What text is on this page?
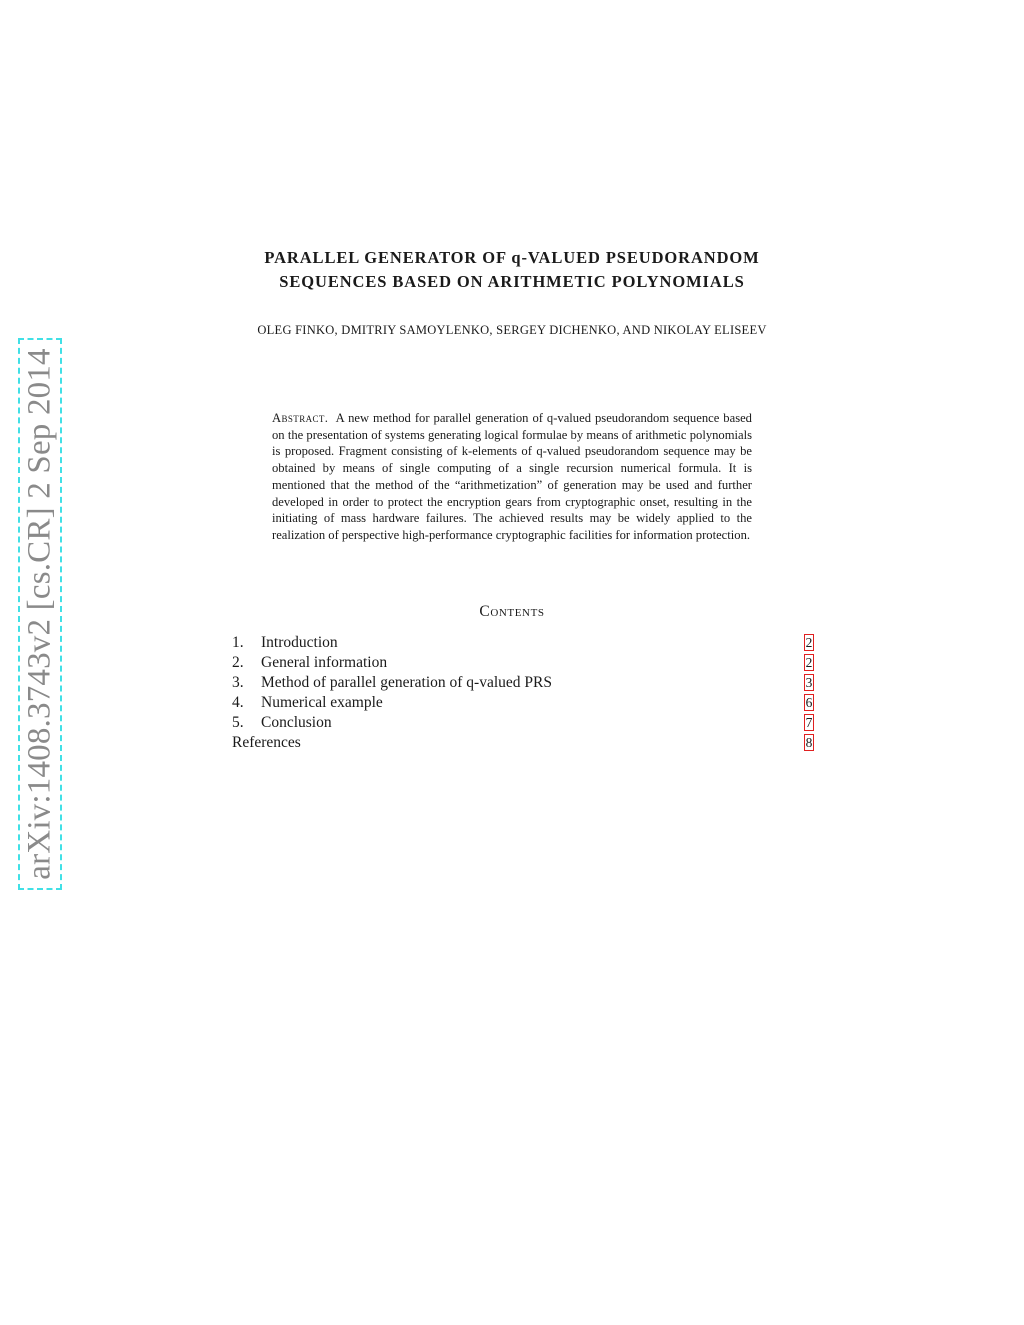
arXiv:1408.3743v2 [cs.CR] 2 Sep 2014
PARALLEL GENERATOR OF q-VALUED PSEUDORANDOM
SEQUENCES BASED ON ARITHMETIC POLYNOMIALS
OLEG FINKO, DMITRIY SAMOYLENKO, SERGEY DICHENKO, AND NIKOLAY ELISEEV
Abstract. A new method for parallel generation of q-valued pseudorandom sequence based on the presentation of systems generating logical formulae by means of arithmetic polynomials is proposed. Fragment consisting of k-elements of q-valued pseudorandom sequence may be obtained by means of single computing of a single recursion numerical formula. It is mentioned that the method of the “arithmetization” of generation may be used and further developed in order to protect the encryption gears from cryptographic onset, resulting in the initiating of mass hardware failures. The achieved results may be widely applied to the realization of perspective high-performance cryptographic facilities for information protection.
Contents
1.	Introduction	2
2.	General information	2
3.	Method of parallel generation of q-valued PRS	3
4.	Numerical example	6
5.	Conclusion	7
References	8
